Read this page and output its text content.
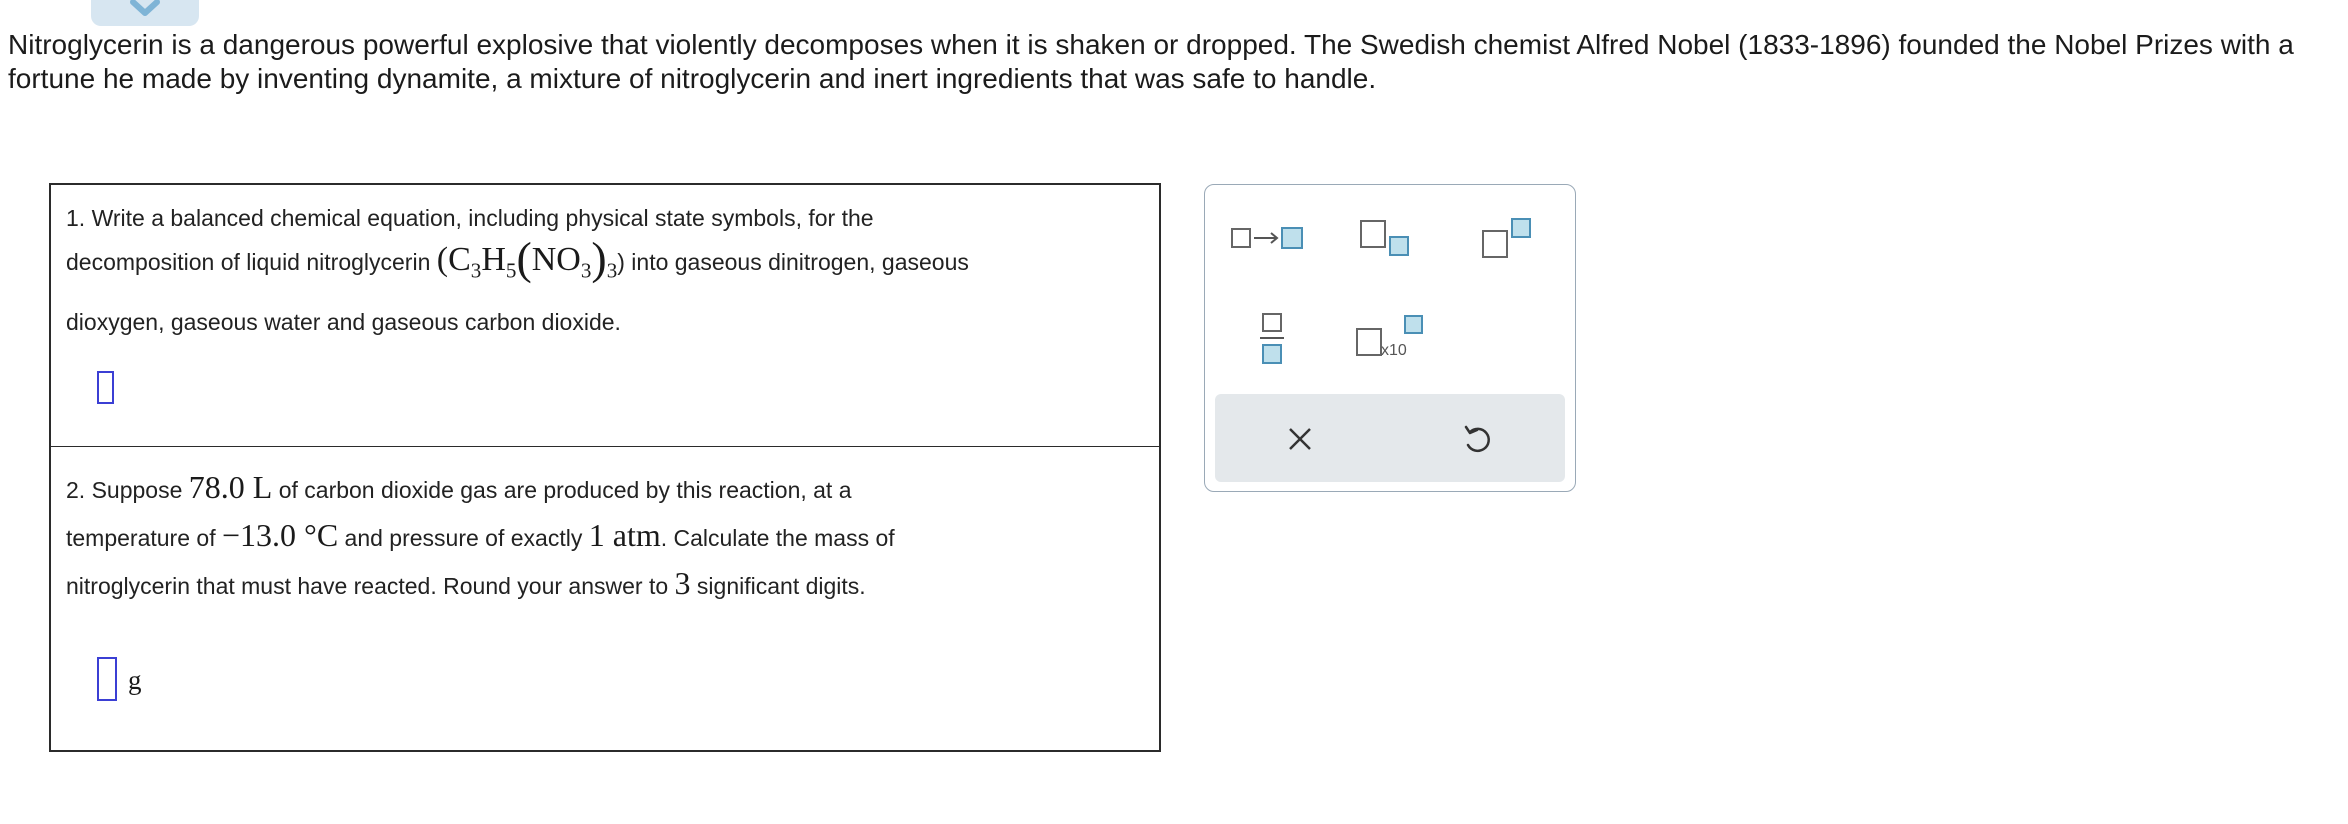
Nitroglycerin is a dangerous powerful explosive that violently decomposes when it is shaken or dropped. The Swedish chemist Alfred Nobel (1833-1896) founded the Nobel Prizes with a fortune he made by inventing dynamite, a mixture of nitroglycerin and inert ingredients that was safe to handle.

1. Write a balanced chemical equation, including physical state symbols, for the
decomposition of liquid nitroglycerin $(C_3H_5(NO_3)_3)$ into gaseous dinitrogen, gaseous
dioxygen, gaseous water and gaseous carbon dioxide.
2. Suppose 78.0 L of carbon dioxide gas are produced by this reaction, at a
temperature of −13.0 °C and pressure of exactly 1 atm. Calculate the mass of
nitroglycerin that must have reacted. Round your answer to 3 significant digits.
g
x10
